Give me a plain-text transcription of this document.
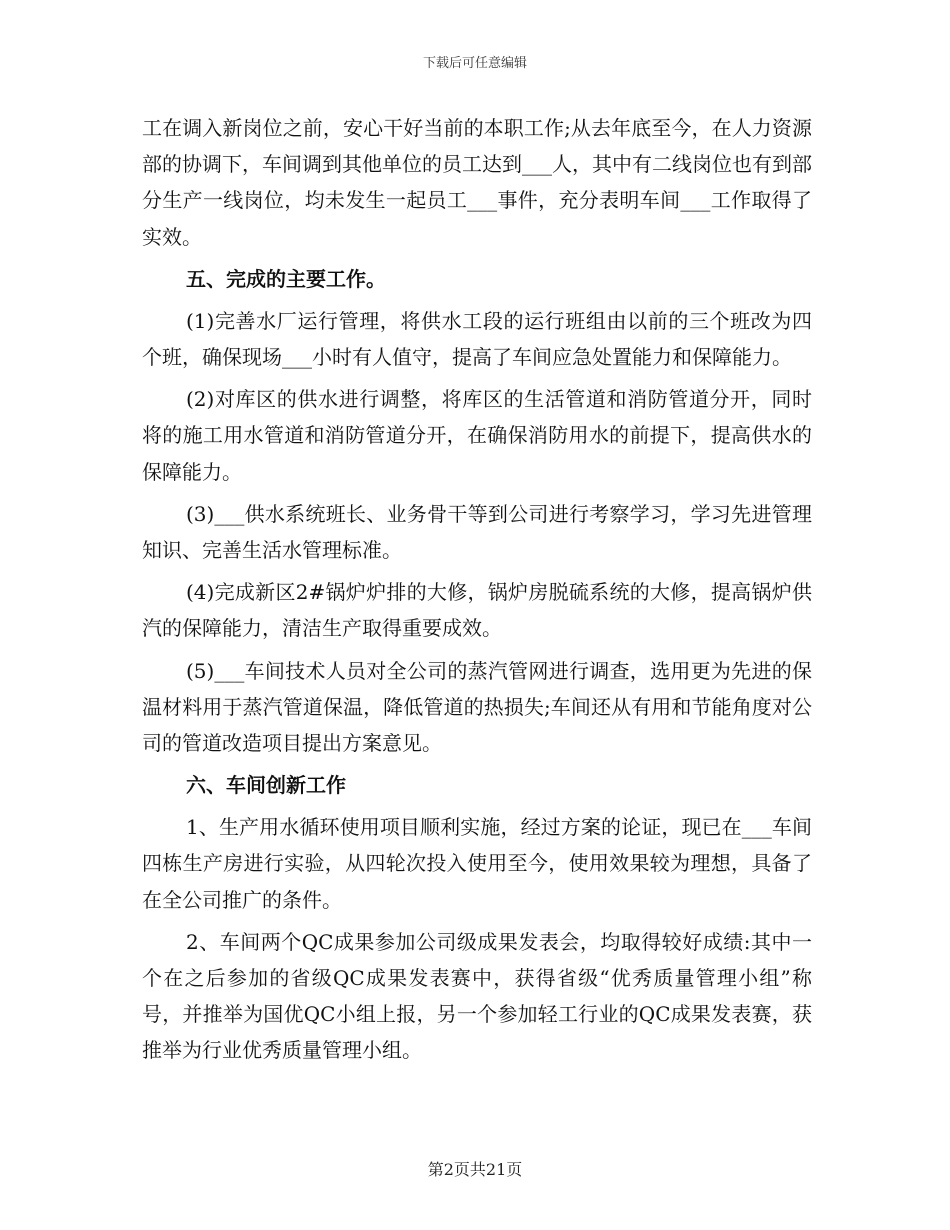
下载后可任意编辑

工在调入新岗位之前，安心干好当前的本职工作;从去年底至今，在人力资源部的协调下，车间调到其他单位的员工达到___人，其中有二线岗位也有到部分生产一线岗位，均未发生一起员工___事件，充分表明车间___工作取得了实效。

五、完成的主要工作。

(1)完善水厂运行管理，将供水工段的运行班组由以前的三个班改为四个班，确保现场___小时有人值守，提高了车间应急处置能力和保障能力。

(2)对库区的供水进行调整，将库区的生活管道和消防管道分开，同时将的施工用水管道和消防管道分开，在确保消防用水的前提下，提高供水的保障能力。

(3)___供水系统班长、业务骨干等到公司进行考察学习，学习先进管理知识、完善生活水管理标准。

(4)完成新区2#锅炉炉排的大修，锅炉房脱硫系统的大修，提高锅炉供汽的保障能力，清洁生产取得重要成效。

(5)___车间技术人员对全公司的蒸汽管网进行调查，选用更为先进的保温材料用于蒸汽管道保温，降低管道的热损失;车间还从有用和节能角度对公司的管道改造项目提出方案意见。

六、车间创新工作

1、生产用水循环使用项目顺利实施，经过方案的论证，现已在___车间四栋生产房进行实验，从四轮次投入使用至今，使用效果较为理想，具备了在全公司推广的条件。

2、车间两个QC成果参加公司级成果发表会，均取得较好成绩:其中一个在之后参加的省级QC成果发表赛中，获得省级“优秀质量管理小组”称号，并推举为国优QC小组上报，另一个参加轻工行业的QC成果发表赛，获推举为行业优秀质量管理小组。

第2页共21页
